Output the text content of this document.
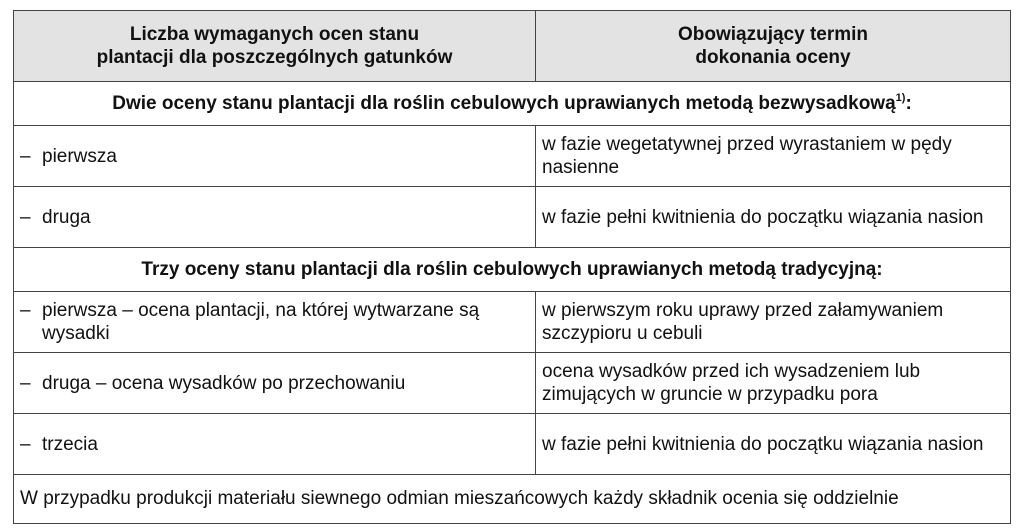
Liczba wymaganych ocen stanu
plantacji dla poszczególnych gatunków	Obowiązujący termin
dokonania oceny
Dwie oceny stanu plantacji dla roślin cebulowych uprawianych metodą bezwysadkową$^{1)}$:	

– pierwsza	w fazie wegetatywnej przed wyrastaniem w pędy nasienne

– druga	w fazie pełni kwitnienia do początku wiązania nasion
Trzy oceny stanu plantacji dla roślin cebulowych uprawianych metodą tradycyjną:	

– pierwsza – ocena plantacji, na której wytwarzane są wysadki	w pierwszym roku uprawy przed załamywaniem szczypioru u cebuli

– druga – ocena wysadków po przechowaniu	ocena wysadków przed ich wysadzeniem lub zimujących w gruncie w przypadku pora

– trzecia	w fazie pełni kwitnienia do początku wiązania nasion
W przypadku produkcji materiału siewnego odmian mieszańcowych każdy składnik ocenia się oddzielnie	
